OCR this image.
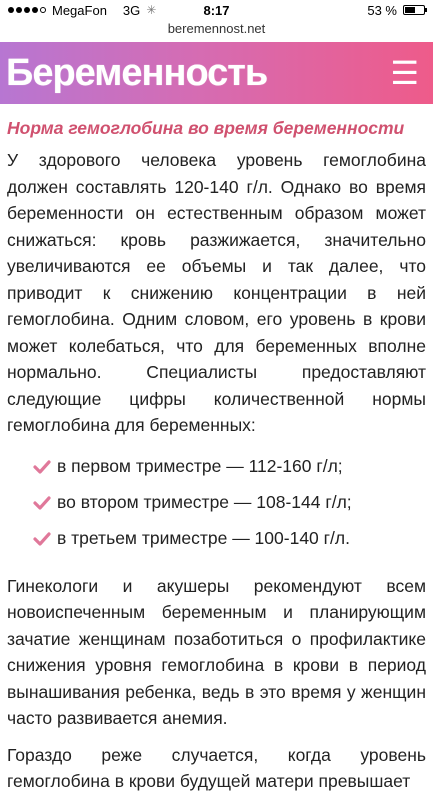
MegaFon 3G ✳	8:17	53 %
beremennost.net
Беременность	☰
Норма гемоглобина во время беременности

У здорового человека уровень гемоглобина должен составлять 120-140 г/л. Однако во время беременности он естественным образом может снижаться: кровь разжижается, значительно увеличиваются ее объемы и так далее, что приводит к снижению концентрации в ней гемоглобина. Одним словом, его уровень в крови может колебаться, что для беременных вполне нормально. Специалисты предоставляют следующие цифры количественной нормы гемоглобина для беременных:

в первом триместре — 112-160 г/л;
во втором триместре — 108-144 г/л;
в третьем триместре — 100-140 г/л.

Гинекологи и акушеры рекомендуют всем новоиспеченным беременным и планирующим зачатие женщинам позаботиться о профилактике снижения уровня гемоглобина в крови в период вынашивания ребенка, ведь в это время у женщин часто развивается анемия.

Гораздо реже случается, когда уровень гемоглобина в крови будущей матери превышает
